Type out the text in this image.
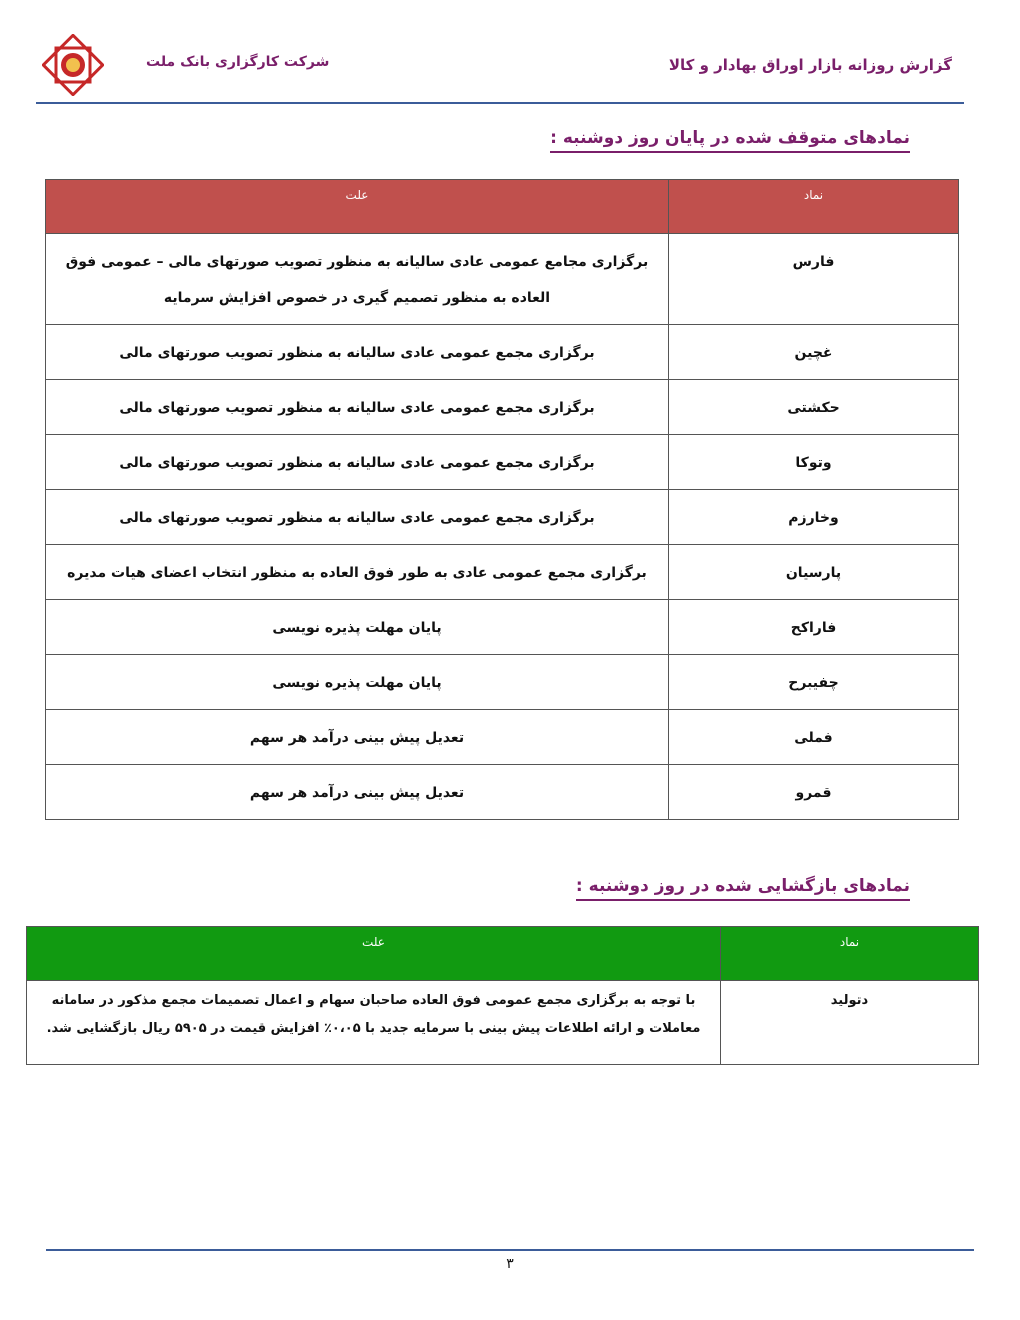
شرکت کارگزاری بانک ملت	گزارش روزانه بازار اوراق بهادار و کالا
نمادهای متوقف شده در پایان روز دوشنبه :
نماد	علت
فارس	برگزاری مجامع عمومی عادی سالیانه به منظور تصویب صورتهای مالی – عمومی فوق العاده به منظور تصمیم گیری در خصوص افزایش سرمایه
غچین	برگزاری مجمع عمومی عادی سالیانه به منظور تصویب صورتهای مالی
حکشتی	برگزاری مجمع عمومی عادی سالیانه به منظور تصویب صورتهای مالی
وتوکا	برگزاری مجمع عمومی عادی سالیانه به منظور تصویب صورتهای مالی
وخارزم	برگزاری مجمع عمومی عادی سالیانه به منظور تصویب صورتهای مالی
پارسیان	برگزاری مجمع عمومی عادی به طور فوق العاده به منظور انتخاب اعضای هیات مدیره
فاراکح	پایان مهلت پذیره نویسی
چفیبرح	پایان مهلت پذیره نویسی
فملی	تعدیل پیش بینی درآمد هر سهم
قمرو	تعدیل پیش بینی درآمد هر سهم
نمادهای بازگشایی شده در روز دوشنبه :
نماد	علت
دتولید	با توجه به برگزاری مجمع عمومی فوق العاده صاحبان سهام و اعمال تصمیمات مجمع مذکور در سامانه معاملات و ارائه اطلاعات پیش بینی با سرمایه جدید با ۰،۰۵٪ افزایش قیمت در ۵۹۰۵ ریال بازگشایی شد.
۳
